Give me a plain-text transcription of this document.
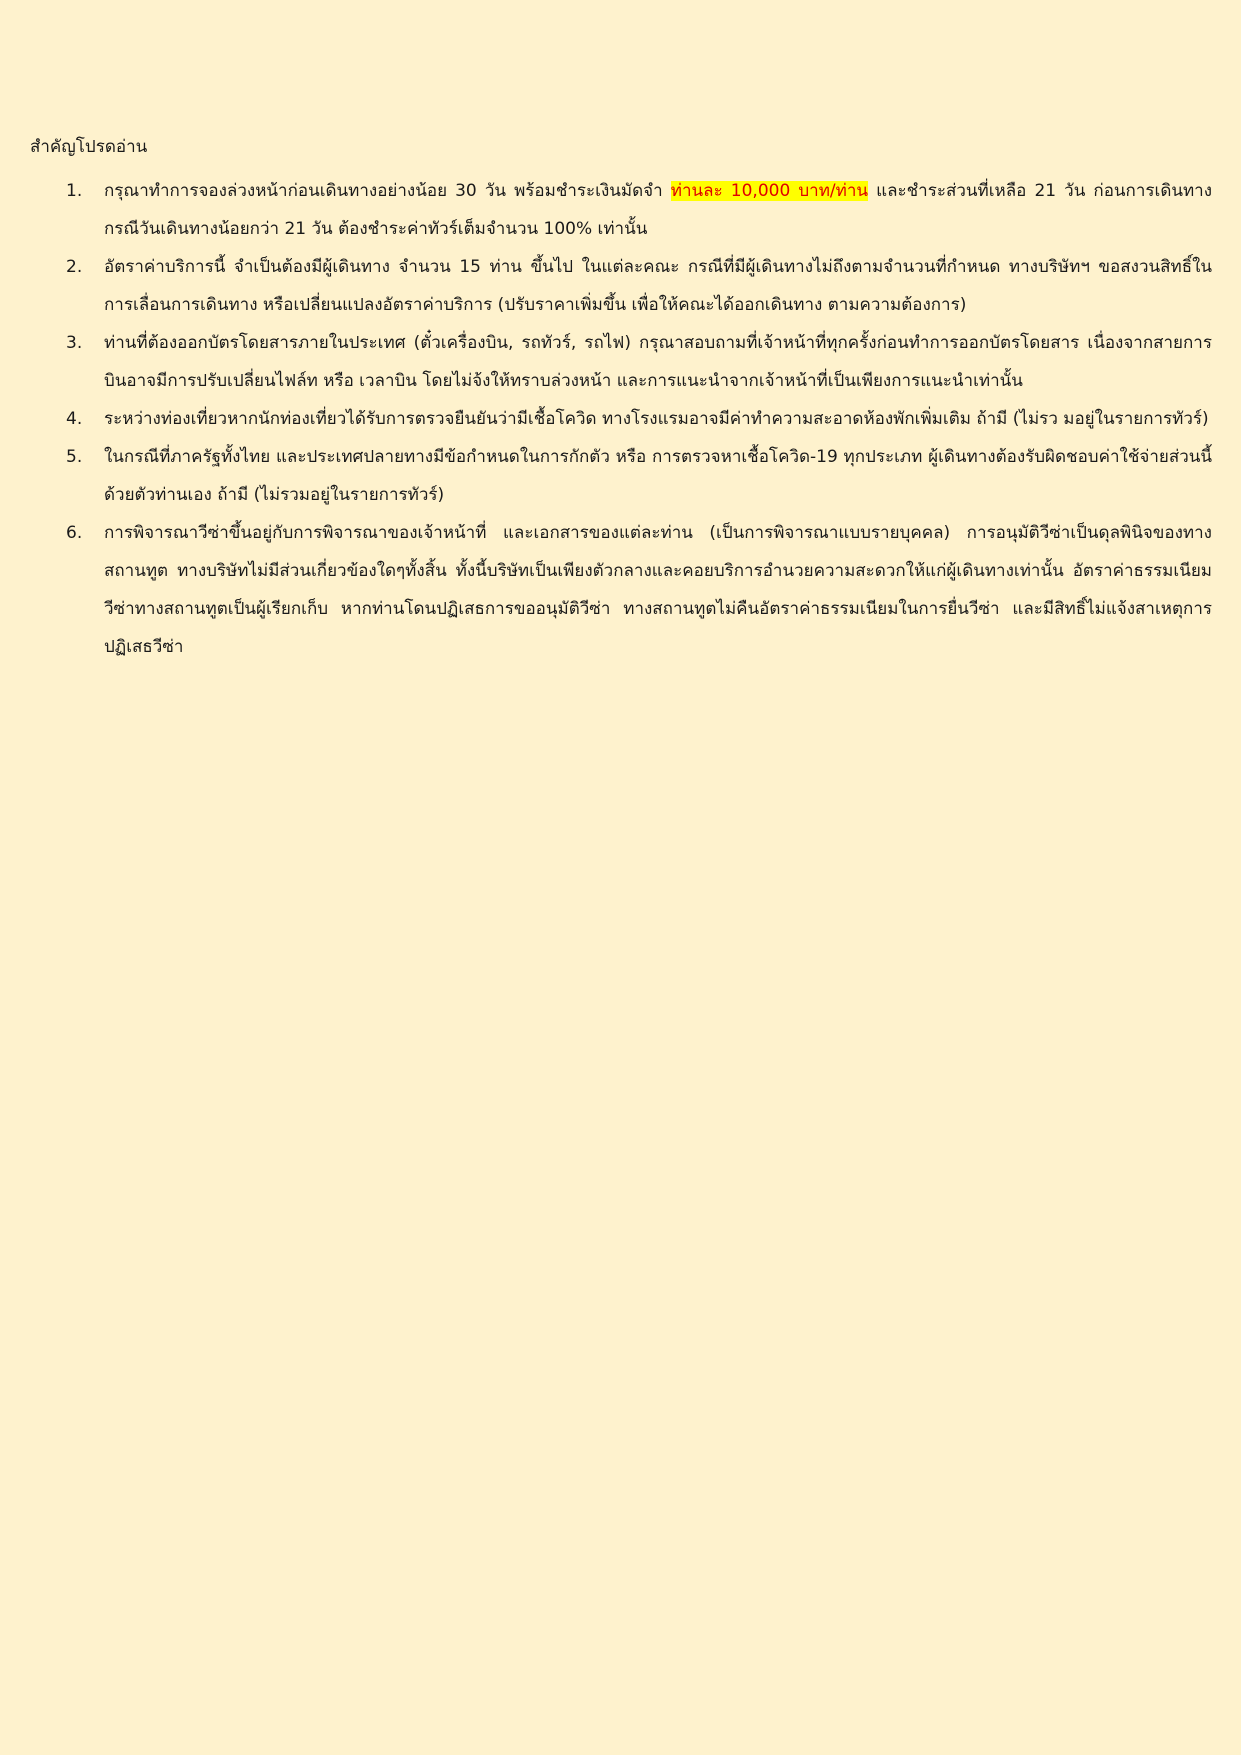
สำคัญโปรดอ่าน
1.	กรุณาทำการจองล่วงหน้าก่อนเดินทางอย่างน้อย 30 วัน พร้อมชำระเงินมัดจำ ท่านละ 10,000 บาท/ท่าน และชำระส่วนที่เหลือ 21 วัน ก่อนการเดินทาง กรณีวันเดินทางน้อยกว่า 21 วัน ต้องชำระค่าทัวร์เต็มจำนวน 100% เท่านั้น
2.	อัตราค่าบริการนี้ จำเป็นต้องมีผู้เดินทาง จำนวน 15 ท่าน ขึ้นไป ในแต่ละคณะ กรณีที่มีผู้เดินทางไม่ถึงตามจำนวนที่กำหนด ทางบริษัทฯ ขอสงวนสิทธิ์ในการเลื่อนการเดินทาง หรือเปลี่ยนแปลงอัตราค่าบริการ (ปรับราคาเพิ่มขึ้น เพื่อให้คณะได้ออกเดินทาง ตามความต้องการ)
3.	ท่านที่ต้องออกบัตรโดยสารภายในประเทศ (ตั๋วเครื่องบิน, รถทัวร์, รถไฟ) กรุณาสอบถามที่เจ้าหน้าที่ทุกครั้งก่อนทำการออกบัตรโดยสาร เนื่องจากสายการบินอาจมีการปรับเปลี่ยนไฟล์ท หรือ เวลาบิน โดยไม่จ้งให้ทราบล่วงหน้า และการแนะนำจากเจ้าหน้าที่เป็นเพียงการแนะนำเท่านั้น
4.	ระหว่างท่องเที่ยวหากนักท่องเที่ยวได้รับการตรวจยืนยันว่ามีเชื้อโควิด ทางโรงแรมอาจมีค่าทำความสะอาดห้องพักเพิ่มเติม ถ้ามี (ไม่รว มอยู่ในรายการทัวร์)
5.	ในกรณีที่ภาครัฐทั้งไทย และประเทศปลายทางมีข้อกำหนดในการกักตัว หรือ การตรวจหาเชื้อโควิด-19 ทุกประเภท ผู้เดินทางต้องรับผิดชอบค่าใช้จ่ายส่วนนี้ด้วยตัวท่านเอง ถ้ามี (ไม่รวมอยู่ในรายการทัวร์)
6.	การพิจารณาวีซ่าขึ้นอยู่กับการพิจารณาของเจ้าหน้าที่ และเอกสารของแต่ละท่าน (เป็นการพิจารณาแบบรายบุคคล) การอนุมัติวีซ่าเป็นดุลพินิจของทางสถานทูต ทางบริษัทไม่มีส่วนเกี่ยวข้องใดๆทั้งสิ้น ทั้งนี้บริษัทเป็นเพียงตัวกลางและคอยบริการอำนวยความสะดวกให้แก่ผู้เดินทางเท่านั้น อัตราค่าธรรมเนียมวีซ่าทางสถานทูตเป็นผู้เรียกเก็บ หากท่านโดนปฏิเสธการขออนุมัติวีซ่า ทางสถานทูตไม่คืนอัตราค่าธรรมเนียมในการยื่นวีซ่า และมีสิทธิ์ไม่แจ้งสาเหตุการปฏิเสธวีซ่า
